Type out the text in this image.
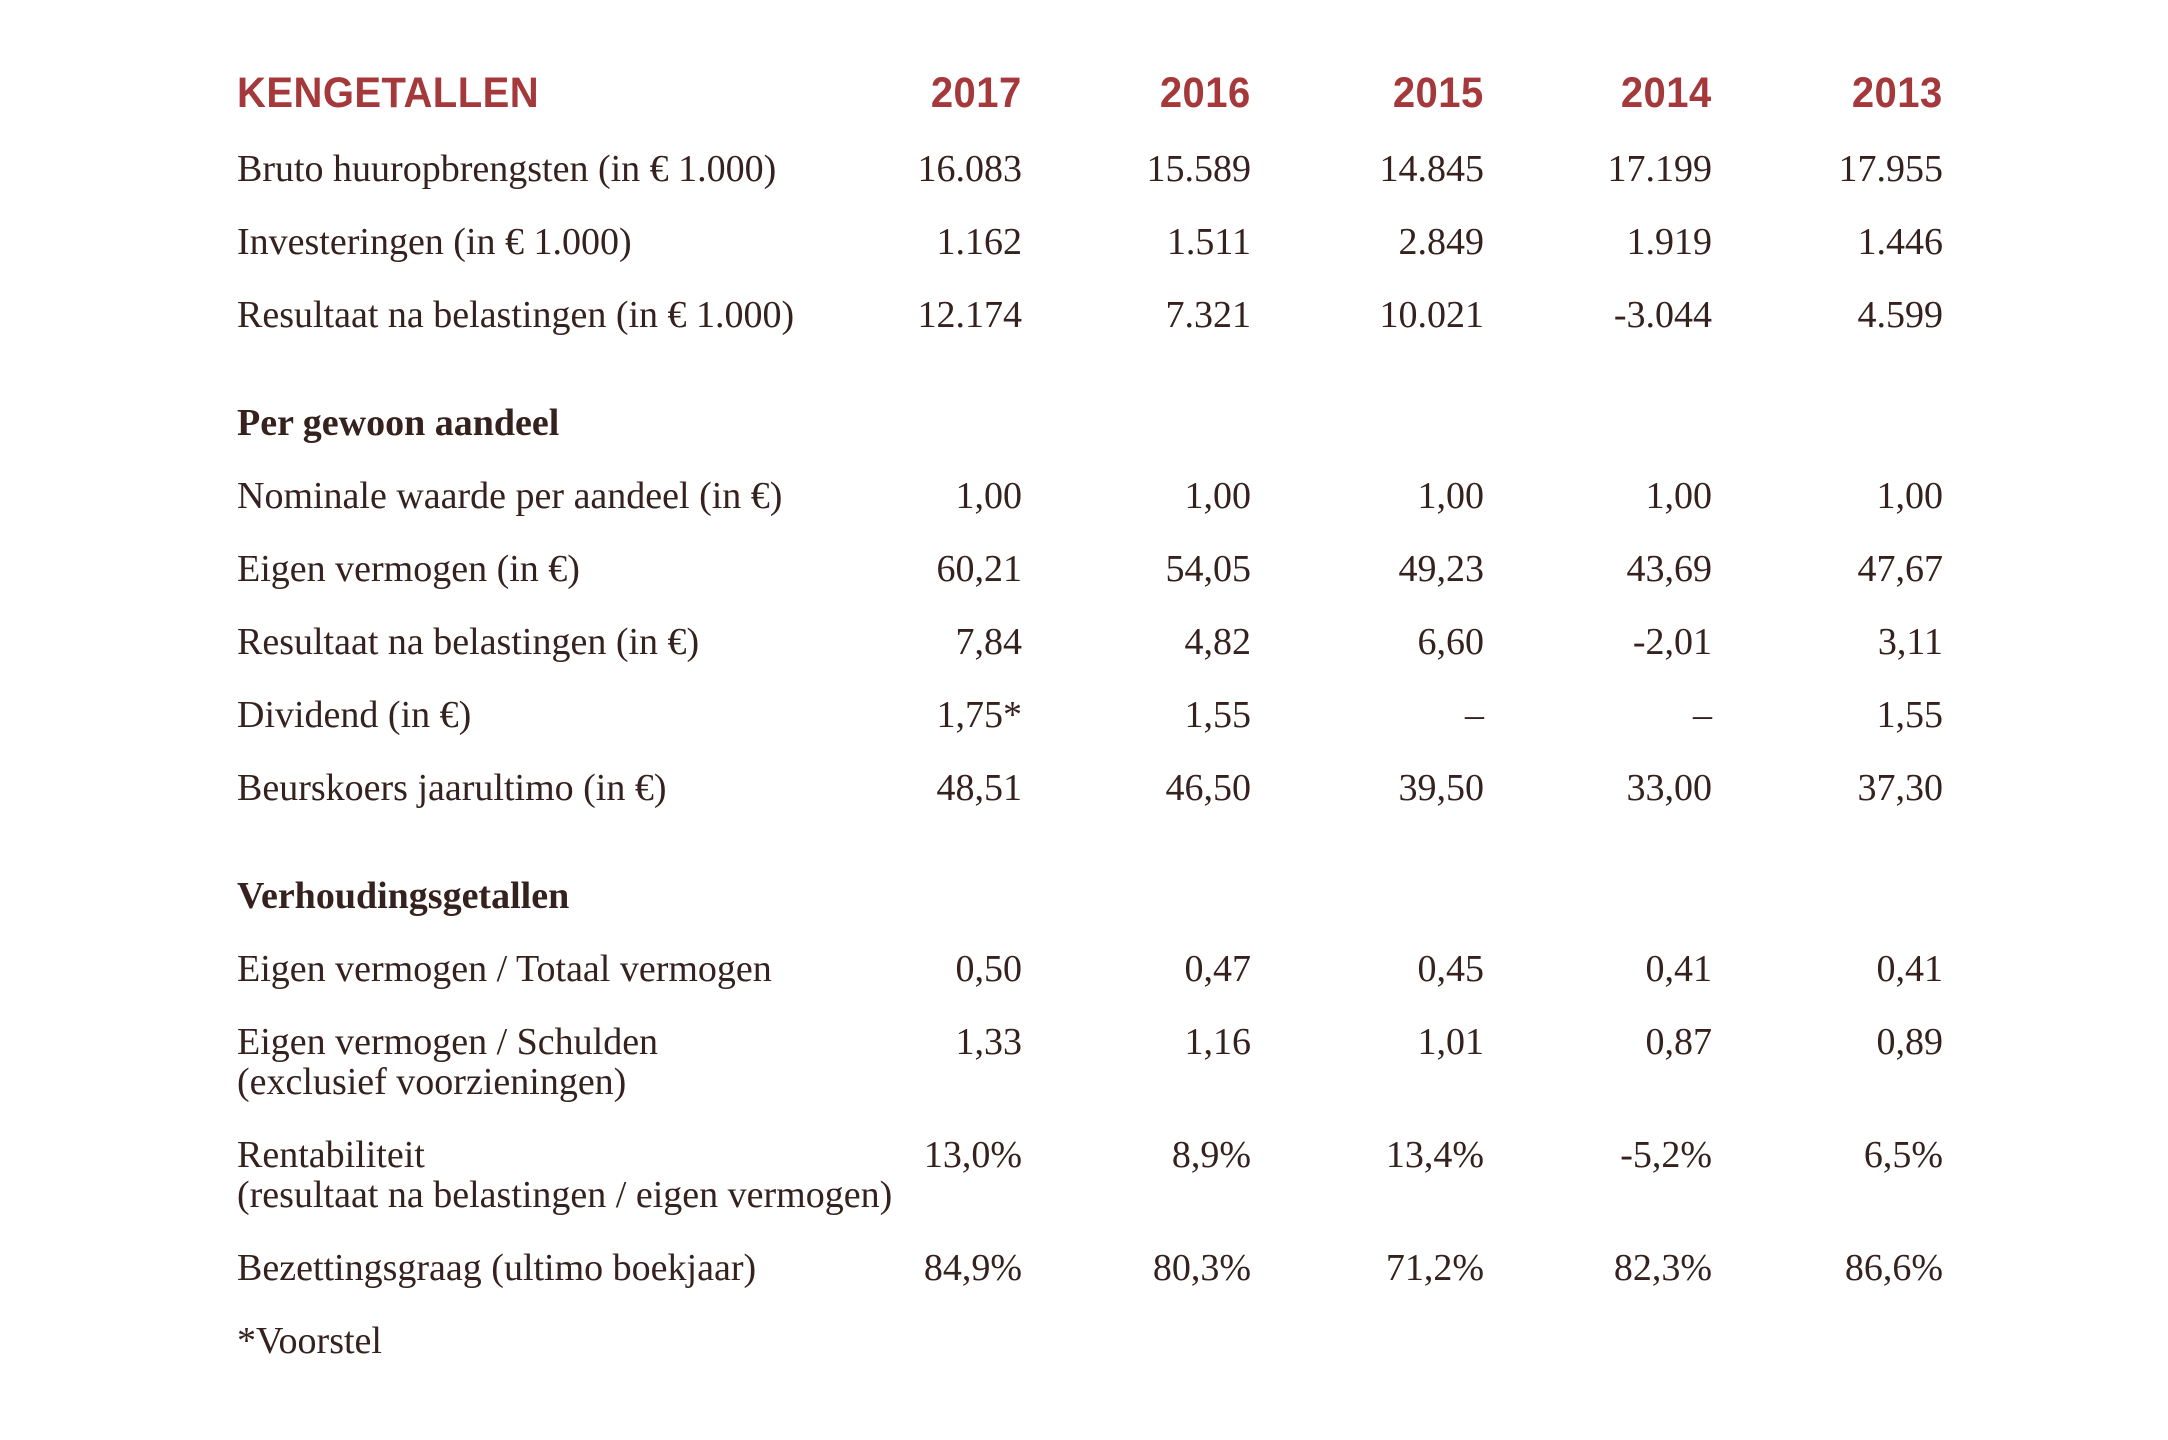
KENGETALLEN	2017	2016	2015	2014	2013
Bruto huuropbrengsten (in € 1.000)	16.083	15.589	14.845	17.199	17.955
Investeringen (in € 1.000)	1.162	1.511	2.849	1.919	1.446
Resultaat na belastingen (in € 1.000)	12.174	7.321	10.021	-3.044	4.599
Per gewoon aandeel					
Nominale waarde per aandeel (in €)	1,00	1,00	1,00	1,00	1,00
Eigen vermogen (in €)	60,21	54,05	49,23	43,69	47,67
Resultaat na belastingen (in €)	7,84	4,82	6,60	-2,01	3,11
Dividend (in €)	1,75*	1,55	–	–	1,55
Beurskoers jaarultimo (in €)	48,51	46,50	39,50	33,00	37,30
Verhoudingsgetallen					
Eigen vermogen / Totaal vermogen	0,50	0,47	0,45	0,41	0,41

Eigen vermogen / Schulden
(exclusief voorzieningen)	1,33	1,16	1,01	0,87	0,89

Rentabiliteit
(resultaat na belastingen / eigen vermogen)	13,0%	8,9%	13,4%	-5,2%	6,5%
Bezettingsgraag (ultimo boekjaar)	84,9%	80,3%	71,2%	82,3%	86,6%
*Voorstel					
